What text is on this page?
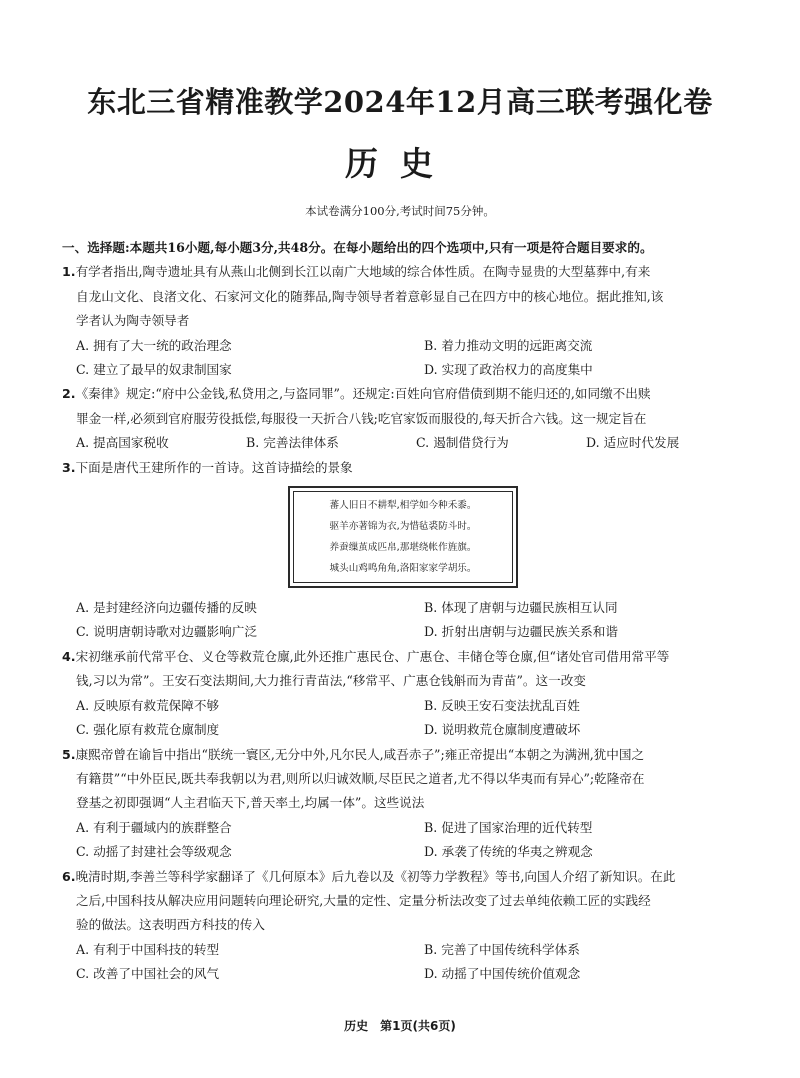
东北三省精准教学2024年12月高三联考强化卷
历史
本试卷满分100分,考试时间75分钟。
一、选择题:本题共16小题,每小题3分,共48分。在每小题给出的四个选项中,只有一项是符合题目要求的。
1.有学者指出,陶寺遗址具有从燕山北侧到长江以南广大地域的综合体性质。在陶寺显贵的大型墓葬中,有来
自龙山文化、良渚文化、石家河文化的随葬品,陶寺领导者着意彰显自己在四方中的核心地位。据此推知,该
学者认为陶寺领导者
A. 拥有了大一统的政治理念	B. 着力推动文明的远距离交流
C. 建立了最早的奴隶制国家	D. 实现了政治权力的高度集中
2.《秦律》规定:“府中公金钱,私贷用之,与盗同罪”。还规定:百姓向官府借债到期不能归还的,如同缴不出赎
罪金一样,必须到官府服劳役抵偿,每服役一天折合八钱;吃官家饭而服役的,每天折合六钱。这一规定旨在
A. 提高国家税收	B. 完善法律体系	C. 遏制借贷行为	D. 适应时代发展
3.下面是唐代王建所作的一首诗。这首诗描绘的景象
蕃人旧日不耕犁,相学如今种禾黍。
驱羊亦著锦为衣,为惜毡裘防斗时。
养蚕缫茧成匹帛,那堪绕帐作旌旗。
城头山鸡鸣角角,洛阳家家学胡乐。
A. 是封建经济向边疆传播的反映	B. 体现了唐朝与边疆民族相互认同
C. 说明唐朝诗歌对边疆影响广泛	D. 折射出唐朝与边疆民族关系和谐
4.宋初继承前代常平仓、义仓等救荒仓廪,此外还推广惠民仓、广惠仓、丰储仓等仓廪,但“诸处官司借用常平等
钱,习以为常”。王安石变法期间,大力推行青苗法,“移常平、广惠仓钱斛而为青苗”。这一改变
A. 反映原有救荒保障不够	B. 反映王安石变法扰乱百姓
C. 强化原有救荒仓廪制度	D. 说明救荒仓廪制度遭破坏
5.康熙帝曾在谕旨中指出“朕统一寰区,无分中外,凡尔民人,咸吾赤子”;雍正帝提出“本朝之为满洲,犹中国之
有籍贯”“中外臣民,既共奉我朝以为君,则所以归诚效顺,尽臣民之道者,尤不得以华夷而有异心”;乾隆帝在
登基之初即强调“人主君临天下,普天率土,均属一体”。这些说法
A. 有利于疆域内的族群整合	B. 促进了国家治理的近代转型
C. 动摇了封建社会等级观念	D. 承袭了传统的华夷之辨观念
6.晚清时期,李善兰等科学家翻译了《几何原本》后九卷以及《初等力学教程》等书,向国人介绍了新知识。在此
之后,中国科技从解决应用问题转向理论研究,大量的定性、定量分析法改变了过去单纯依赖工匠的实践经
验的做法。这表明西方科技的传入
A. 有利于中国科技的转型	B. 完善了中国传统科学体系
C. 改善了中国社会的风气	D. 动摇了中国传统价值观念
历史　第1页(共6页)
